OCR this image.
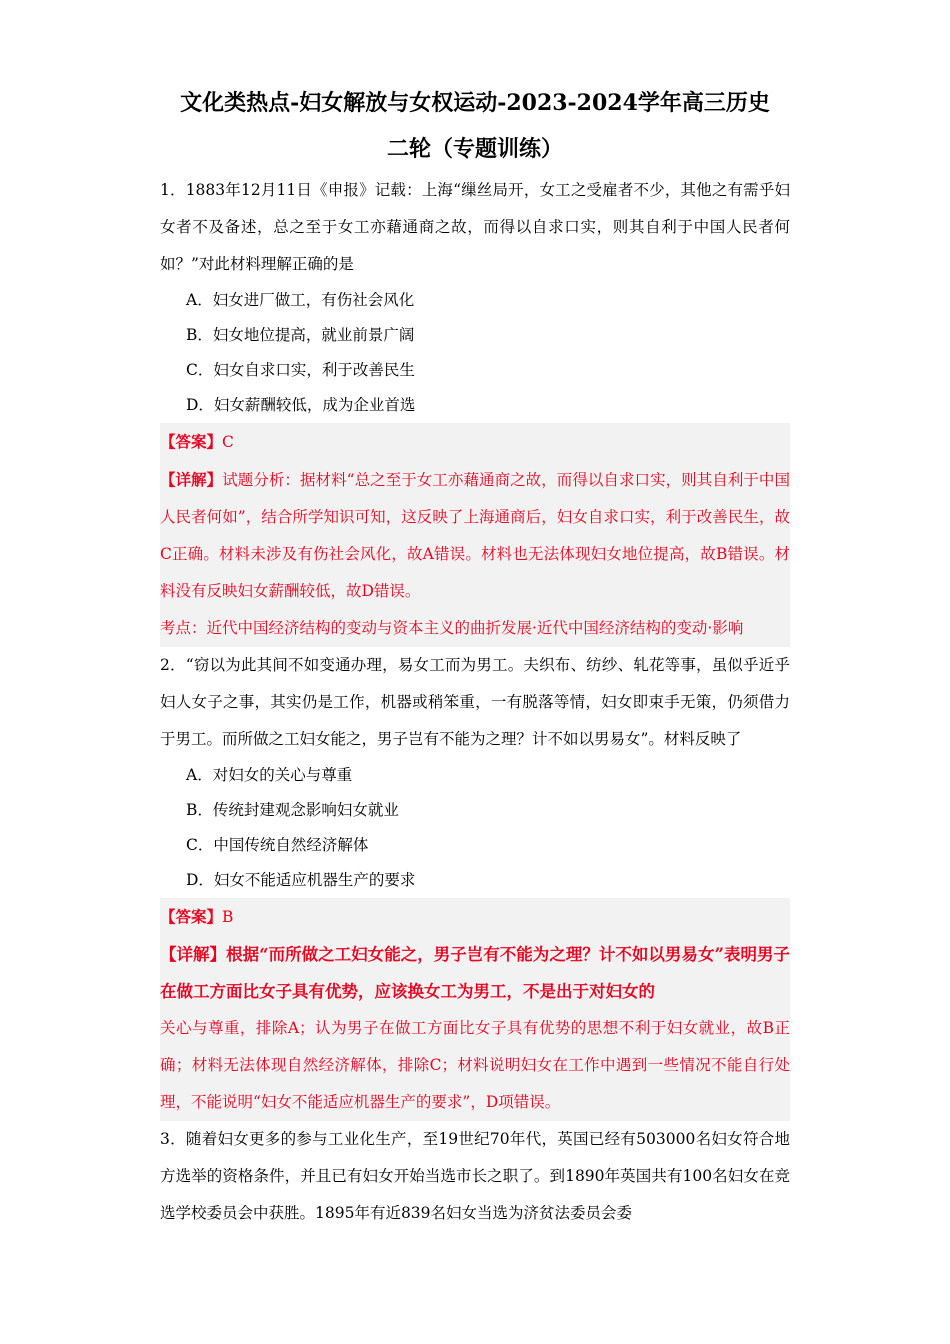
文化类热点-妇女解放与女权运动-2023-2024学年高三历史

二轮（专题训练）

1．1883年12月11日《申报》记载：上海“缫丝局开，女工之受雇者不少，其他之有需乎妇女者不及备述，总之至于女工亦藉通商之故，而得以自求口实，则其自利于中国人民者何如？”对此材料理解正确的是

A．妇女进厂做工，有伤社会风化

B．妇女地位提高，就业前景广阔

C．妇女自求口实，利于改善民生

D．妇女薪酬较低，成为企业首选

【答案】C

【详解】试题分析：据材料“总之至于女工亦藉通商之故，而得以自求口实，则其自利于中国人民者何如”，结合所学知识可知，这反映了上海通商后，妇女自求口实，利于改善民生，故C正确。材料未涉及有伤社会风化，故A错误。材料也无法体现妇女地位提高，故B错误。材料没有反映妇女薪酬较低，故D错误。

考点：近代中国经济结构的变动与资本主义的曲折发展·近代中国经济结构的变动·影响

2．“窃以为此其间不如变通办理，易女工而为男工。夫织布、纺纱、轧花等事，虽似乎近乎妇人女子之事，其实仍是工作，机器或稍笨重，一有脱落等情，妇女即束手无策，仍须借力于男工。而所做之工妇女能之，男子岂有不能为之理？计不如以男易女”。材料反映了

A．对妇女的关心与尊重

B．传统封建观念影响妇女就业

C．中国传统自然经济解体

D．妇女不能适应机器生产的要求

【答案】B

【详解】根据“而所做之工妇女能之，男子岂有不能为之理？计不如以男易女”表明男子在做工方面比女子具有优势，应该换女工为男工，不是出于对妇女的

关心与尊重，排除A；认为男子在做工方面比女子具有优势的思想不利于妇女就业，故B正确；材料无法体现自然经济解体，排除C；材料说明妇女在工作中遇到一些情况不能自行处理，不能说明“妇女不能适应机器生产的要求”，D项错误。

3．随着妇女更多的参与工业化生产，至19世纪70年代，英国已经有503000名妇女符合地方选举的资格条件，并且已有妇女开始当选市长之职了。到1890年英国共有100名妇女在竞选学校委员会中获胜。1895年有近839名妇女当选为济贫法委员会委
